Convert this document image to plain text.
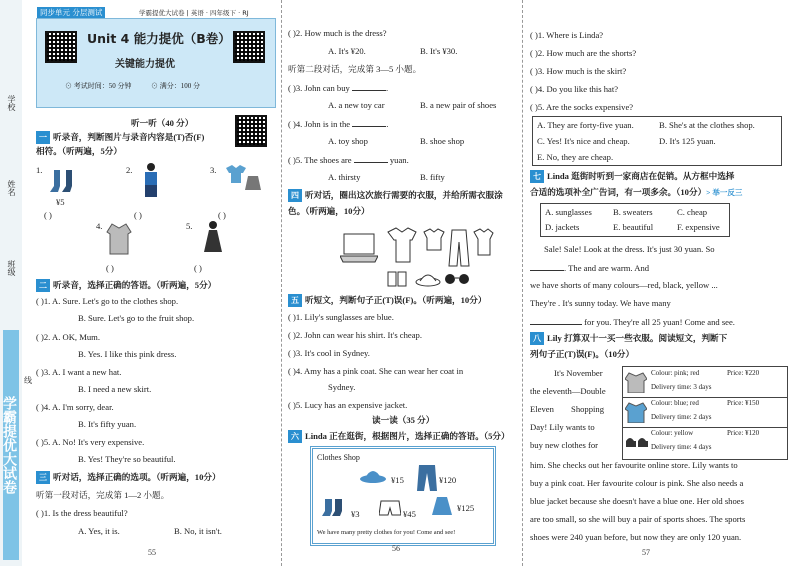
学霸提优大试卷
学校
姓名
班级
线
同步单元 分层测试	学霸提优大试卷 | 英语 · 四年级下 · RJ
Unit 4 能力提优（B卷）
关键能力提优
⊙ 考试时间：50 分钟	⊙ 满分：100 分
听一听（40 分）
一 听录音，判断图片与录音内容是(T)否(F)
相符。（听两遍，5分）
1.
¥5
2.	3.
4.	5.
( )	( )	( )
( )	( )
二 听录音，选择正确的答语。（听两遍，5分）
( )1. A. Sure. Let's go to the clothes shop.
B. Sure. Let's go to the fruit shop.
( )2. A. OK, Mum.
B. Yes. I like this pink dress.
( )3. A. I want a new hat.
B. I need a new skirt.
( )4. A. I'm sorry, dear.
B. It's fifty yuan.
( )5. A. No! It's very expensive.
B. Yes! They're so beautiful.
三 听对话，选择正确的选项。（听两遍，10分）
听第一段对话，完成第 1—2 小题。
( )1. Is the dress beautiful?
A. Yes, it is.	B. No, it isn't.
55
( )2. How much is the dress?
A. It's ¥20.	B. It's ¥30.
听第二段对话，完成第 3—5 小题。
( )3. John can buy	.
A. a new toy car	B. a new pair of shoes
( )4. John is in the	.
A. toy shop	B. shoe shop
( )5. The shoes are	yuan.
A. thirsty	B. fifty
四 听对话，圈出这次旅行需要的衣服，并给所需衣服涂
色。（听两遍，10分）
五 听短文，判断句子正(T)误(F)。（听两遍，10分）
( )1. Lily's sunglasses are blue.
( )2. John can wear his shirt. It's cheap.
( )3. It's cool in Sydney.
( )4. Amy has a pink coat. She can wear her coat in
Sydney.
( )5. Lucy has an expensive jacket.
读一读（35 分）
六 Linda 正在逛街，根据图片，选择正确的答语。（5分）
Clothes Shop
¥15	¥120
¥3	¥45
¥125
We have many pretty clothes for you! Come and see!
56
( )1. Where is Linda?
( )2. How much are the shorts?
( )3. How much is the skirt?
( )4. Do you like this hat?
( )5. Are the socks expensive?
A. They are forty-five yuan.	B. She's at the clothes shop.
C. Yes! It's nice and cheap.	D. It's 125 yuan.
E. No, they are cheap.
七 Linda 逛街时听到一家商店在促销。从方框中选择
合适的选项补全广告词，有一项多余。（10分）> 举一反三
A. sunglasses B. sweaters	C. cheap
D. jackets	E. beautiful	F. expensive
Sale! Sale! Look at the dress. It's just 30 yuan. So
. The and are warm. And
we have shorts of many colours—red, black, yellow ...
They're . It's sunny today. We have many
for you. They're all 25 yuan! Come and see.
八 Lily 打算双十一买一些衣服。阅读短文，判断下
列句子正(T)误(F)。（10分）
Colour: pink; red	Price: ¥220
Delivery time: 3 days
Colour: blue; red	Price: ¥150
Delivery time: 2 days
Colour: yellow	Price: ¥120
Delivery time: 4 days
It's November
the eleventh—Double
Eleven        Shopping
Day! Lily wants to
buy new clothes for
him. She checks out her favourite online store. Lily wants to
buy a pink coat. Her favourite colour is pink. She also needs a
blue jacket because she doesn't have a blue one. Her old shoes
are too small, so she will buy a pair of sports shoes. The sports
shoes were 240 yuan before, but now they are only 120 yuan.
57
